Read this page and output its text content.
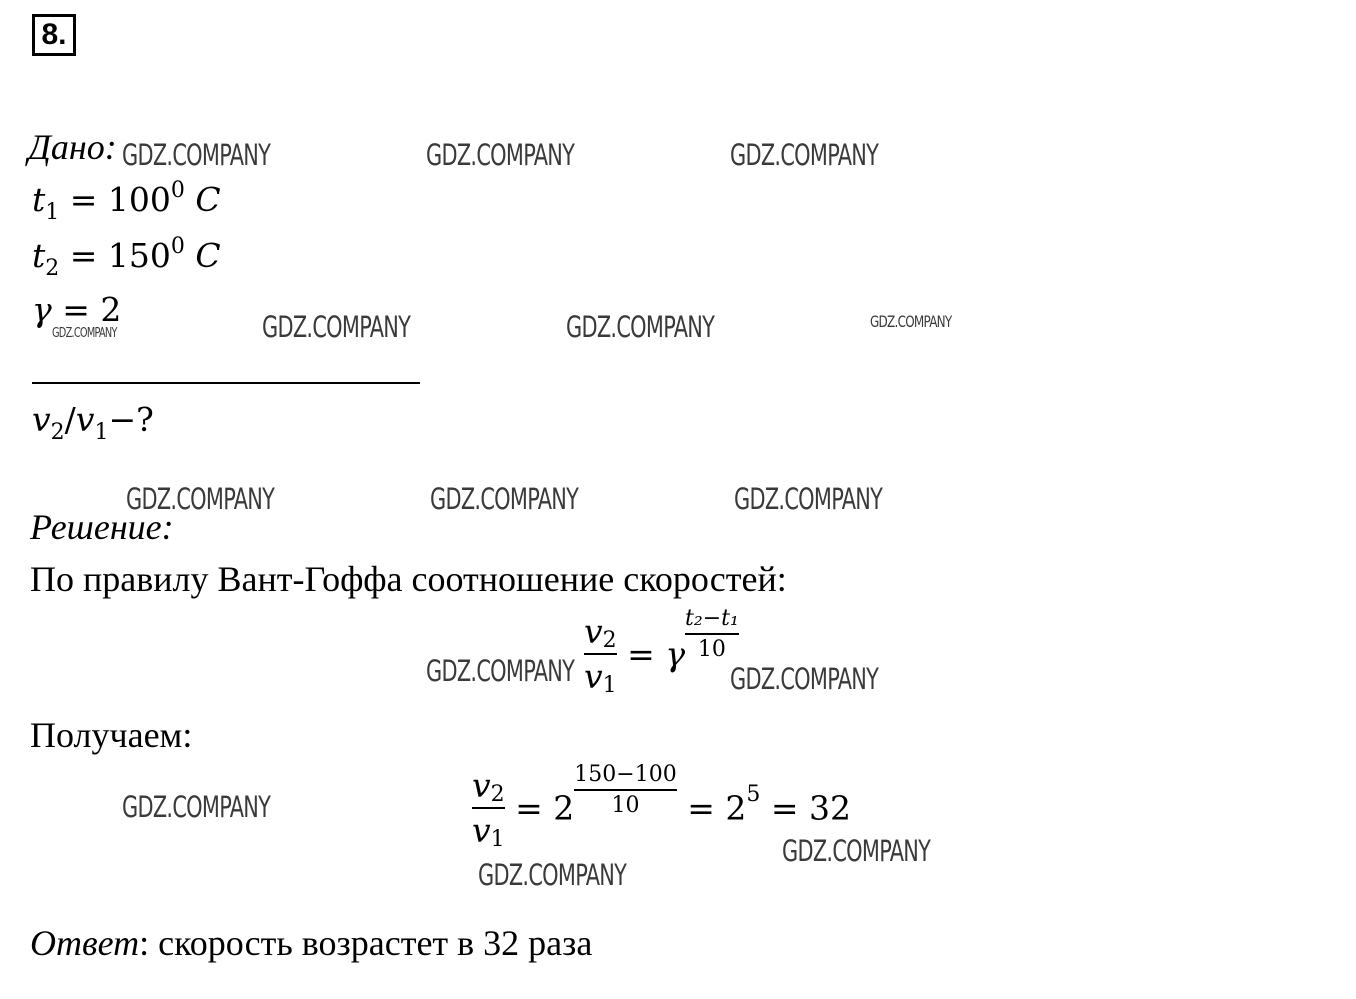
8.
Дано:
$t_1 = 100^0$ C
$t_2 = 150^0$ C
γ = 2
$v_2/v_1-$?
Решение:
По правилу Вант-Гоффа соотношение скоростей:
$\frac{v2}{v1} = \gamma \frac{\text{t₂−t₁}}{10}$
Получаем:
$\frac{v2}{v1} = 2 \frac{150-100}{10} = 2^5 = 32$
Ответ: скорость возрастет в 32 раза
GDZ.COMPANY	GDZ.COMPANY	GDZ.COMPANY
GDZ.COMPANY	GDZ.COMPANY	GDZ.COMPANY	GDZ.COMPANY
GDZ.COMPANY	GDZ.COMPANY	GDZ.COMPANY
GDZ.COMPANY	GDZ.COMPANY
GDZ.COMPANY
GDZ.COMPANY
GDZ.COMPANY
